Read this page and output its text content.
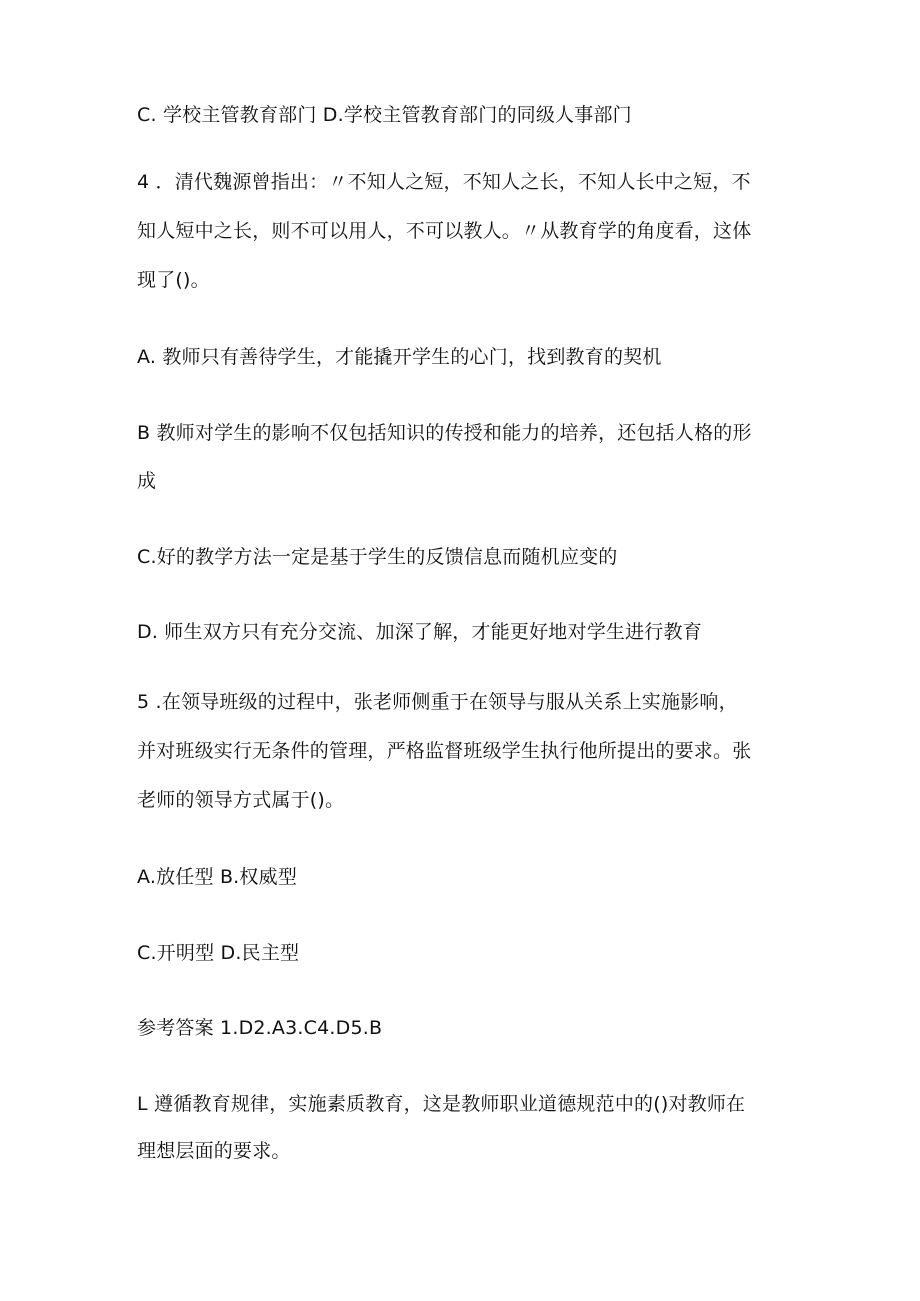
C. 学校主管教育部门 D.学校主管教育部门的同级人事部门
4 ．清代魏源曾指出：〃不知人之短，不知人之长，不知人长中之短，不
知人短中之长，则不可以用人，不可以教人。〃从教育学的角度看，这体
现了()。
A. 教师只有善待学生，才能撬开学生的心门，找到教育的契机
B 教师对学生的影响不仅包括知识的传授和能力的培养，还包括人格的形
成
C.好的教学方法一定是基于学生的反馈信息而随机应变的
D. 师生双方只有充分交流、加深了解，才能更好地对学生进行教育
5 .在领导班级的过程中，张老师侧重于在领导与服从关系上实施影响，
并对班级实行无条件的管理，严格监督班级学生执行他所提出的要求。张
老师的领导方式属于()。
A.放任型 B.权威型
C.开明型 D.民主型
参考答案 1.D2.A3.C4.D5.B
L 遵循教育规律，实施素质教育，这是教师职业道德规范中的()对教师在
理想层面的要求。
